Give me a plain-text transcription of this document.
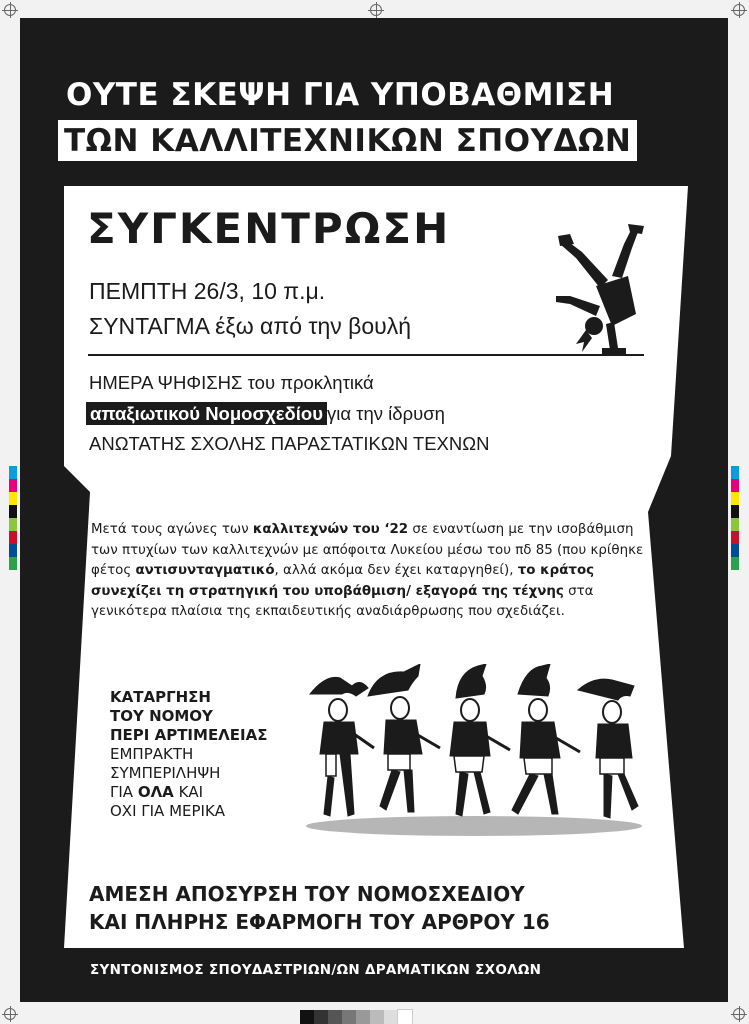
ΟΥΤΕ ΣΚΕΨΗ ΓΙΑ ΥΠΟΒΑΘΜΙΣΗ
ΤΩΝ ΚΑΛΛΙΤΕΧΝΙΚΩΝ ΣΠΟΥΔΩΝ
ΣΥΓΚΕΝΤΡΩΣΗ
ΠΕΜΠΤΗ 26/3, 10 π.μ.
ΣΥΝΤΑΓΜΑ έξω από την βουλή
ΗΜΕΡΑ ΨΗΦΙΣΗΣ του προκλητικά
απαξιωτικού Νομοσχεδίου για την ίδρυση
ΑΝΩΤΑΤΗΣ ΣΧΟΛΗΣ ΠΑΡΑΣΤΑΤΙΚΩΝ ΤΕΧΝΩΝ
Μετά τους αγώνες των καλλιτεχνών του ‘22 σε εναντίωση με την ισοβάθμιση των πτυχίων των καλλιτεχνών με απόφοιτα Λυκείου μέσω του πδ 85 (που κρίθηκε φέτος αντισυνταγματικό, αλλά ακόμα δεν έχει καταργηθεί), το κράτος συνεχίζει τη στρατηγική του υποβάθμιση/ εξαγορά της τέχνης στα γενικότερα πλαίσια της εκπαιδευτικής αναδιάρθρωσης που σχεδιάζει.
ΚΑΤΑΡΓΗΣΗ
ΤΟΥ ΝΟΜΟΥ
ΠΕΡΙ ΑΡΤΙΜΕΛΕΙΑΣ
ΕΜΠΡΑΚΤΗ
ΣΥΜΠΕΡΙΛΗΨΗ
ΓΙΑ ΟΛΑ ΚΑΙ
ΟΧΙ ΓΙΑ ΜΕΡΙΚΑ
ΑΜΕΣΗ ΑΠΟΣΥΡΣΗ ΤΟΥ ΝΟΜΟΣΧΕΔΙΟΥ
ΚΑΙ ΠΛΗΡΗΣ ΕΦΑΡΜΟΓΗ ΤΟΥ ΑΡΘΡΟΥ 16
ΣΥΝΤΟΝΙΣΜΟΣ ΣΠΟΥΔΑΣΤΡΙΩΝ/ΩΝ ΔΡΑΜΑΤΙΚΩΝ ΣΧΟΛΩΝ
